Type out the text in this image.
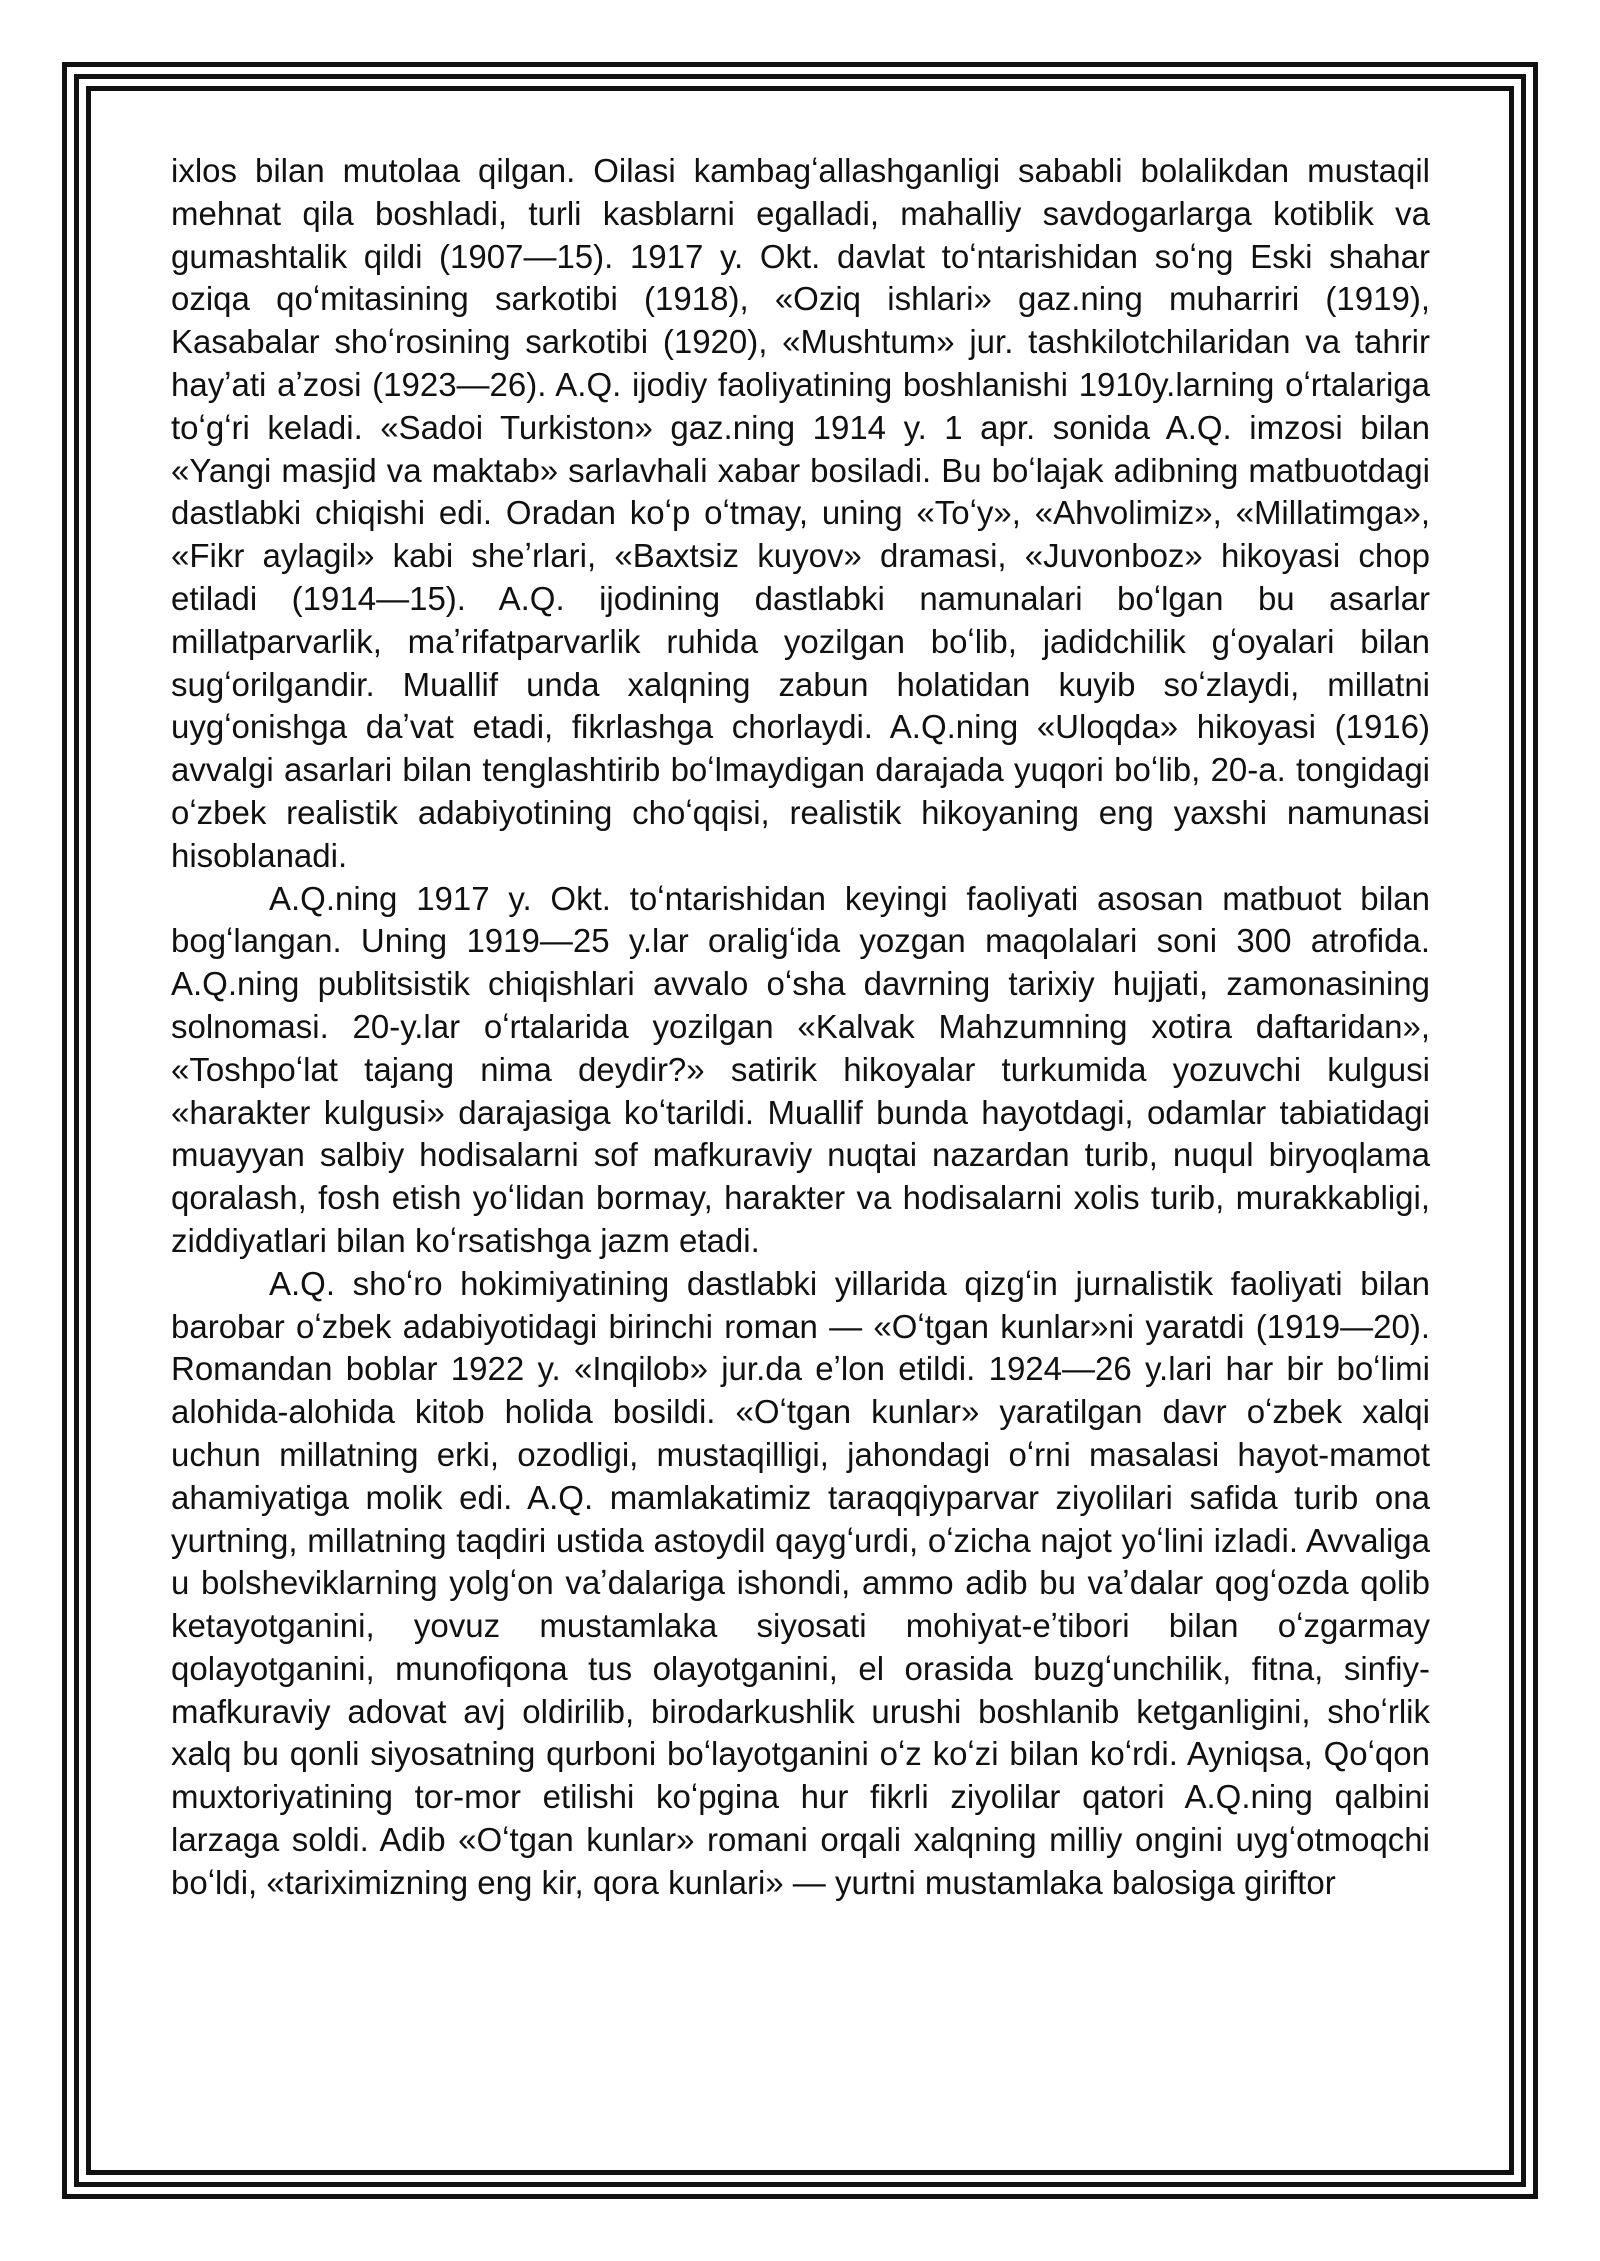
ixlos bilan mutolaa qilgan. Oilasi kambagʻallashganligi sababli bolalikdan mustaqil mehnat qila boshladi, turli kasblarni egalladi, mahalliy savdogarlarga kotiblik va gumashtalik qildi (1907—15). 1917 y. Okt. davlat toʻntarishidan soʻng Eski shahar oziqa qoʻmitasining sarkotibi (1918), «Oziq ishlari» gaz.ning muharriri (1919), Kasabalar shoʻrosining sarkotibi (1920), «Mushtum» jur. tashkilotchilaridan va tahrir hayʼati aʼzosi (1923—26). A.Q. ijodiy faoliyatining boshlanishi 1910y.larning oʻrtalariga toʻgʻri keladi. «Sadoi Turkiston» gaz.ning 1914 y. 1 apr. sonida A.Q. imzosi bilan «Yangi masjid va maktab» sarlavhali xabar bosiladi. Bu boʻlajak adibning matbuotdagi dastlabki chiqishi edi. Oradan koʻp oʻtmay, uning «Toʻy», «Ahvolimiz», «Millatimga», «Fikr aylagil» kabi sheʼrlari, «Baxtsiz kuyov» dramasi, «Juvonboz» hikoyasi chop etiladi (1914—15). A.Q. ijodining dastlabki namunalari boʻlgan bu asarlar millatparvarlik, maʼrifatparvarlik ruhida yozilgan boʻlib, jadidchilik gʻoyalari bilan sugʻorilgandir. Muallif unda xalqning zabun holatidan kuyib soʻzlaydi, millatni uygʻonishga daʼvat etadi, fikrlashga chorlaydi. A.Q.ning «Uloqda» hikoyasi (1916) avvalgi asarlari bilan tenglashtirib boʻlmaydigan darajada yuqori boʻlib, 20-a. tongidagi oʻzbek realistik adabiyotining choʻqqisi, realistik hikoyaning eng yaxshi namunasi hisoblanadi.

A.Q.ning 1917 y. Okt. toʻntarishidan keyingi faoliyati asosan matbuot bilan bogʻlangan. Uning 1919—25 y.lar oraligʻida yozgan maqolalari soni 300 atrofida. A.Q.ning publitsistik chiqishlari avvalo oʻsha davrning tarixiy hujjati, zamonasining solnomasi. 20-y.lar oʻrtalarida yozilgan «Kalvak Mahzumning xotira daftaridan», «Toshpoʻlat tajang nima deydir?» satirik hikoyalar turkumida yozuvchi kulgusi «harakter kulgusi» darajasiga koʻtarildi. Muallif bunda hayotdagi, odamlar tabiatidagi muayyan salbiy hodisalarni sof mafkuraviy nuqtai nazardan turib, nuqul biryoqlama qoralash, fosh etish yoʻlidan bormay, harakter va hodisalarni xolis turib, murakkabligi, ziddiyatlari bilan koʻrsatishga jazm etadi.

A.Q. shoʻro hokimiyatining dastlabki yillarida qizgʻin jurnalistik faoliyati bilan barobar oʻzbek adabiyotidagi birinchi roman — «Oʻtgan kunlar»ni yaratdi (1919—20). Romandan boblar 1922 y. «Inqilob» jur.da eʼlon etildi. 1924—26 y.lari har bir boʻlimi alohida-alohida kitob holida bosildi. «Oʻtgan kunlar» yaratilgan davr oʻzbek xalqi uchun millatning erki, ozodligi, mustaqilligi, jahondagi oʻrni masalasi hayot-mamot ahamiyatiga molik edi. A.Q. mamlakatimiz taraqqiyparvar ziyolilari safida turib ona yurtning, millatning taqdiri ustida astoydil qaygʻurdi, oʻzicha najot yoʻlini izladi. Avvaliga u bolsheviklarning yolgʻon vaʼdalariga ishondi, ammo adib bu vaʼdalar qogʻozda qolib ketayotganini, yovuz mustamlaka siyosati mohiyat-eʼtibori bilan oʻzgarmay qolayotganini, munofiqona tus olayotganini, el orasida buzgʻunchilik, fitna, sinfiy-mafkuraviy adovat avj oldirilib, birodarkushlik urushi boshlanib ketganligini, shoʻrlik xalq bu qonli siyosatning qurboni boʻlayotganini oʻz koʻzi bilan koʻrdi. Ayniqsa, Qoʻqon muxtoriyatining tor-mor etilishi koʻpgina hur fikrli ziyolilar qatori A.Q.ning qalbini larzaga soldi. Adib «Oʻtgan kunlar» romani orqali xalqning milliy ongini uygʻotmoqchi boʻldi, «tariximizning eng kir, qora kunlari» — yurtni mustamlaka balosiga giriftor
